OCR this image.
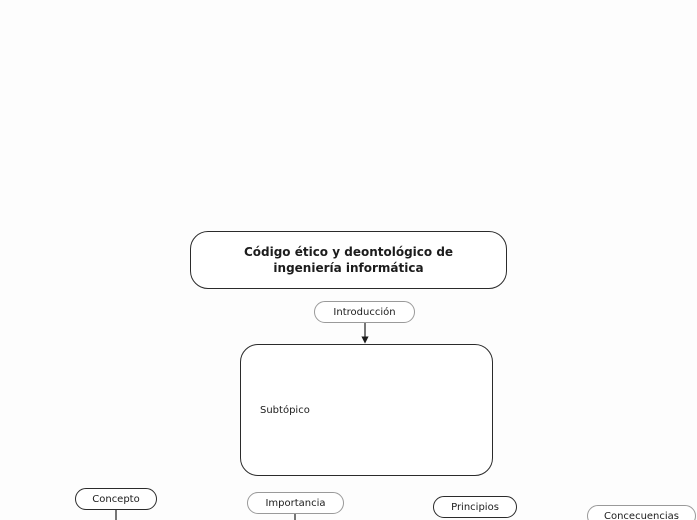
Código ético y deontológico de ingeniería informática
Introducción
Subtópico
Concepto	Importancia	Principios
Concecuencias
